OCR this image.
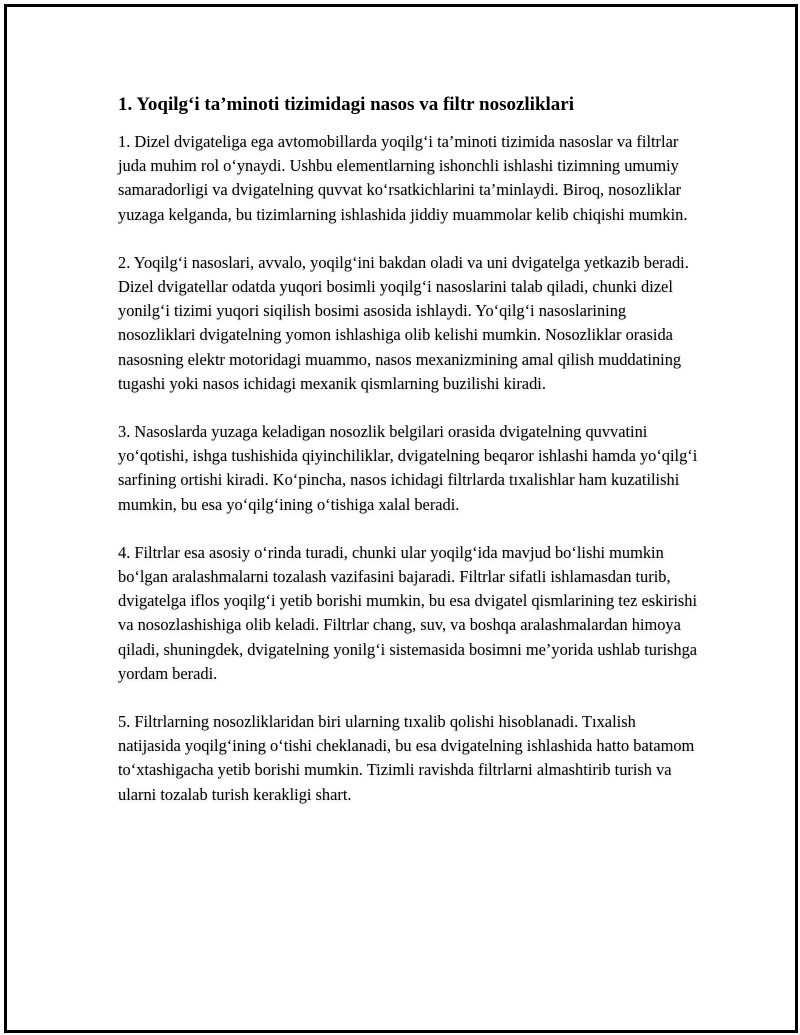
1. Yoqilg‘i ta’minoti tizimidagi nasos va filtr nosozliklari

1. Dizel dvigateliga ega avtomobillarda yoqilg‘i ta’minoti tizimida nasoslar va filtrlar juda muhim rol o‘ynaydi. Ushbu elementlarning ishonchli ishlashi tizimning umumiy samaradorligi va dvigatelning quvvat ko‘rsatkichlarini ta’minlaydi. Biroq, nosozliklar yuzaga kelganda, bu tizimlarning ishlashida jiddiy muammolar kelib chiqishi mumkin.

2. Yoqilg‘i nasoslari, avvalo, yoqilg‘ini bakdan oladi va uni dvigatelga yetkazib beradi. Dizel dvigatellar odatda yuqori bosimli yoqilg‘i nasoslarini talab qiladi, chunki dizel yonilg‘i tizimi yuqori siqilish bosimi asosida ishlaydi. Yo‘qilg‘i nasoslarining nosozliklari dvigatelning yomon ishlashiga olib kelishi mumkin. Nosozliklar orasida nasosning elektr motoridagi muammo, nasos mexanizmining amal qilish muddatining tugashi yoki nasos ichidagi mexanik qismlarning buzilishi kiradi.

3. Nasoslarda yuzaga keladigan nosozlik belgilari orasida dvigatelning quvvatini yo‘qotishi, ishga tushishida qiyinchiliklar, dvigatelning beqaror ishlashi hamda yo‘qilg‘i sarfining ortishi kiradi. Ko‘pincha, nasos ichidagi filtrlarda tıxalishlar ham kuzatilishi mumkin, bu esa yo‘qilg‘ining o‘tishiga xalal beradi.

4. Filtrlar esa asosiy o‘rinda turadi, chunki ular yoqilg‘ida mavjud bo‘lishi mumkin bo‘lgan aralashmalarni tozalash vazifasini bajaradi. Filtrlar sifatli ishlamasdan turib, dvigatelga iflos yoqilg‘i yetib borishi mumkin, bu esa dvigatel qismlarining tez eskirishi va nosozlashishiga olib keladi. Filtrlar chang, suv, va boshqa aralashmalardan himoya qiladi, shuningdek, dvigatelning yonilg‘i sistemasida bosimni me’yorida ushlab turishga yordam beradi.

5. Filtrlarning nosozliklaridan biri ularning tıxalib qolishi hisoblanadi. Tıxalish natijasida yoqilg‘ining o‘tishi cheklanadi, bu esa dvigatelning ishlashida hatto batamom to‘xtashigacha yetib borishi mumkin. Tizimli ravishda filtrlarni almashtirib turish va ularni tozalab turish kerakligi shart.
